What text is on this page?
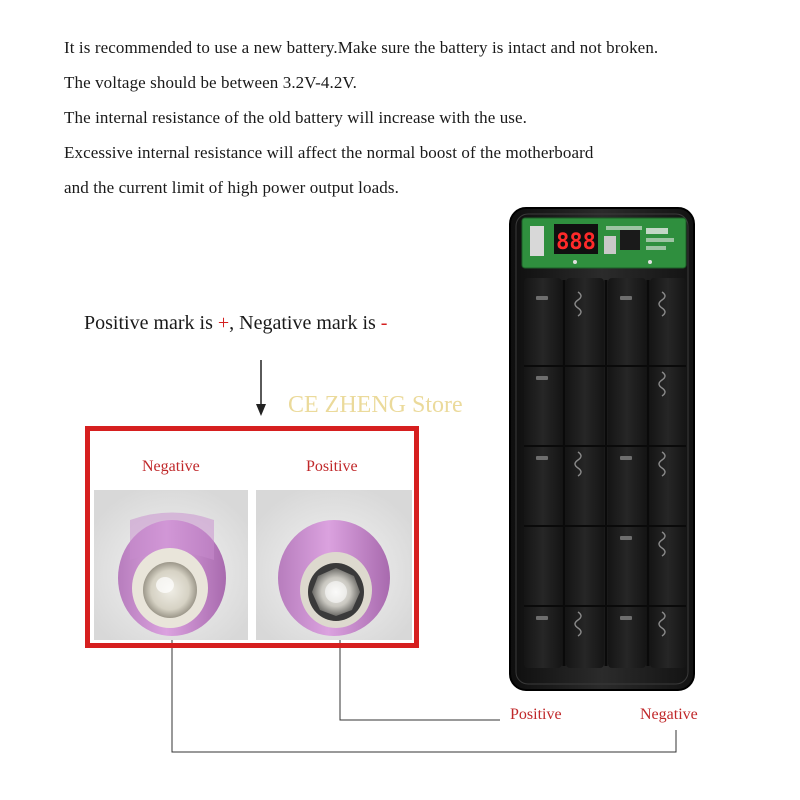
It is recommended to use a new battery.Make sure the battery is intact and not broken.
The voltage should be between 3.2V-4.2V.
The internal resistance of the old battery will increase with the use.
Excessive internal resistance will affect the normal boost of the motherboard
and the current limit of high power output loads.
Positive mark is +, Negative mark is -
888
CE ZHENG Store
Negative	Positive
Positive	Negative
